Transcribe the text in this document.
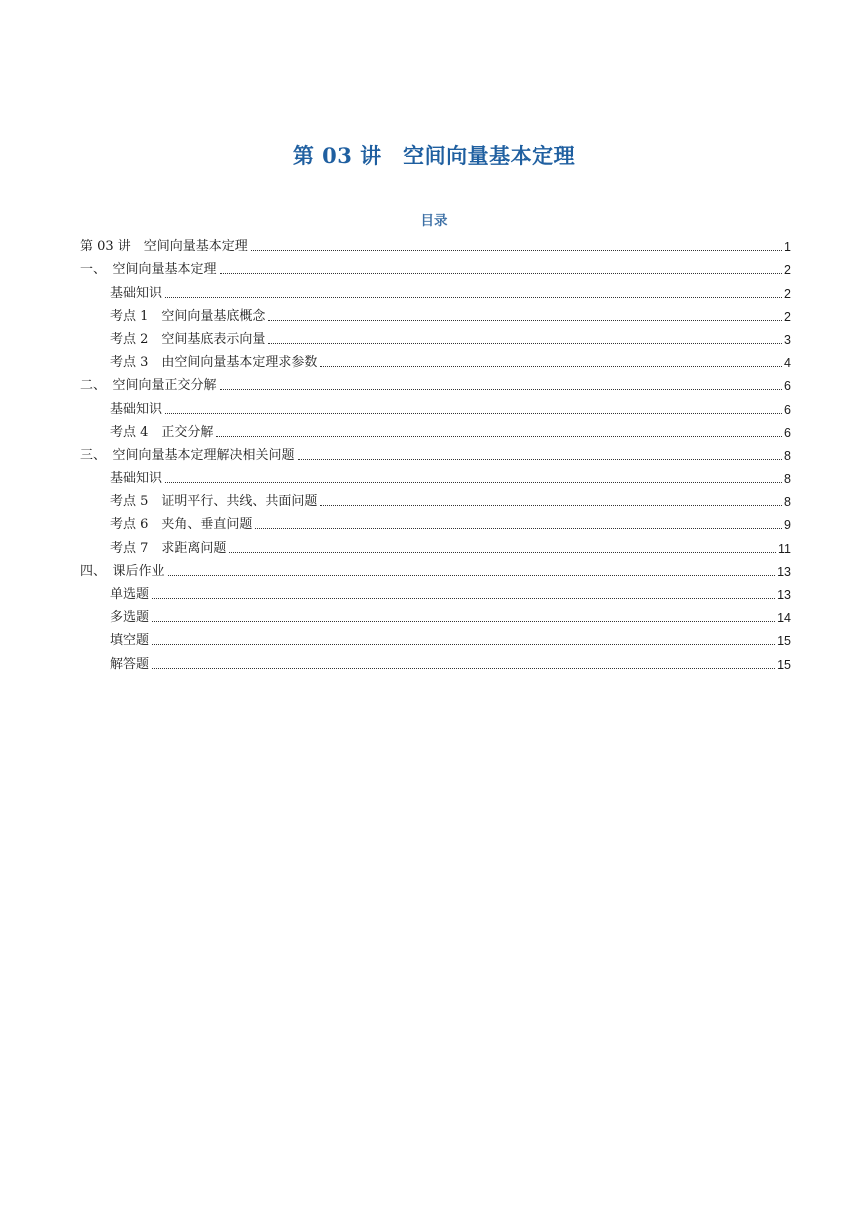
第 03 讲　空间向量基本定理
目录
第 03 讲　空间向量基本定理	1
一、　空间向量基本定理	2
基础知识	2
考点 1　空间向量基底概念	2
考点 2　空间基底表示向量	3
考点 3　由空间向量基本定理求参数	4
二、　空间向量正交分解	6
基础知识	6
考点 4　正交分解	6
三、　空间向量基本定理解决相关问题	8
基础知识	8
考点 5　证明平行、共线、共面问题	8
考点 6　夹角、垂直问题	9
考点 7　求距离问题	11
四、　课后作业	13
单选题	13
多选题	14
填空题	15
解答题	15
